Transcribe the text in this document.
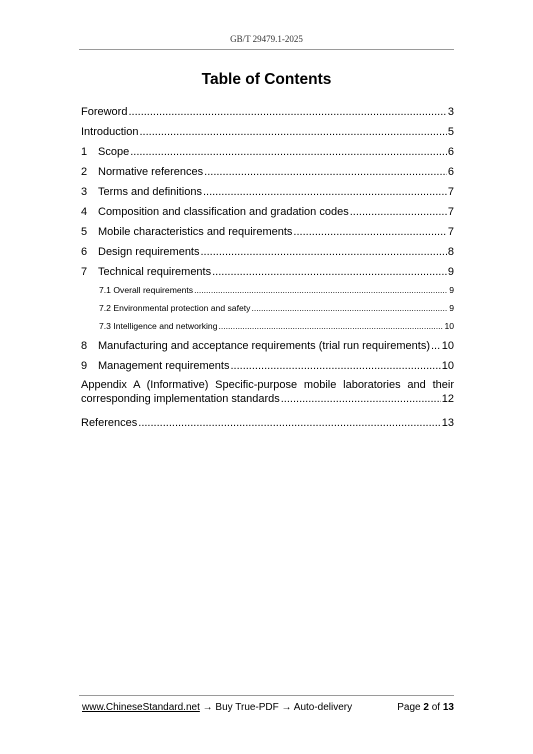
GB/T 29479.1-2025
Table of Contents
Foreword .....	3
Introduction .....	5
1 Scope .....	6
2 Normative references .....	6
3 Terms and definitions .....	7
4 Composition and classification and gradation codes .....	7
5 Mobile characteristics and requirements .....	7
6 Design requirements .....	8
7 Technical requirements .....	9
7.1 Overall requirements .....	9
7.2 Environmental protection and safety .....	9
7.3 Intelligence and networking .....	10
8 Manufacturing and acceptance requirements (trial run requirements) ..... 10
9 Management requirements .....	10
Appendix A (Informative) Specific-purpose mobile laboratories and their
corresponding implementation standards .....	12
References .....	13
www.ChineseStandard.net → Buy True-PDF → Auto-delivery	Page 2 of 13
